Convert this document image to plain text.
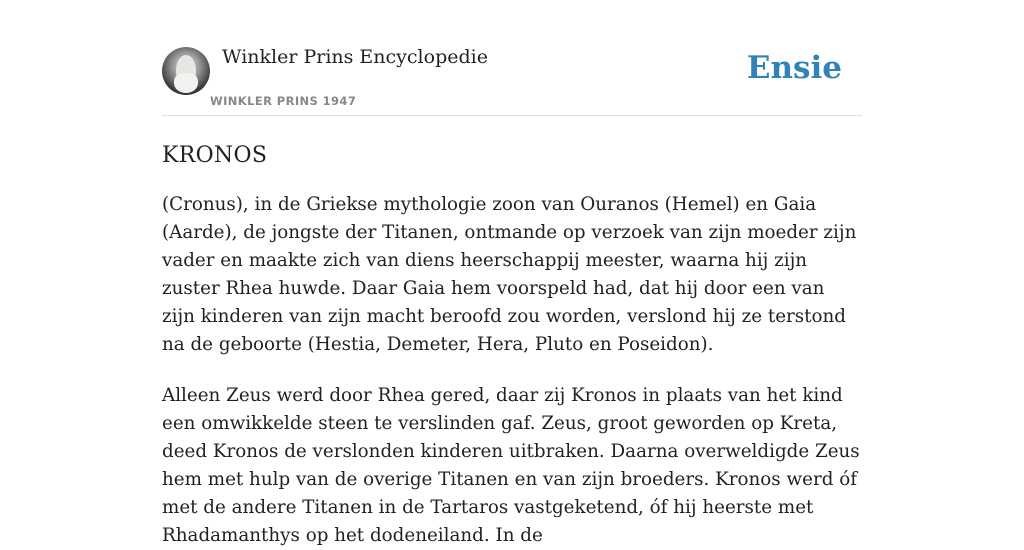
Winkler Prins Encyclopedie
WINKLER PRINS 1947
Ensie
KRONOS

(Cronus), in de Griekse mythologie zoon van Ouranos (Hemel) en Gaia (Aarde), de jongste der Titanen, ontmande op verzoek van zijn moeder zijn vader en maakte zich van diens heerschappij meester, waarna hij zijn zuster Rhea huwde. Daar Gaia hem voorspeld had, dat hij door een van zijn kinderen van zijn macht beroofd zou worden, verslond hij ze terstond na de geboorte (Hestia, Demeter, Hera, Pluto en Poseidon).

Alleen Zeus werd door Rhea gered, daar zij Kronos in plaats van het kind een omwikkelde steen te verslinden gaf. Zeus, groot geworden op Kreta, deed Kronos de verslonden kinderen uitbraken. Daarna overweldigde Zeus hem met hulp van de overige Titanen en van zijn broeders. Kronos werd óf met de andere Titanen in de Tartaros vastgeketend, óf hij heerste met Rhadamanthys op het dodeneiland. In de
